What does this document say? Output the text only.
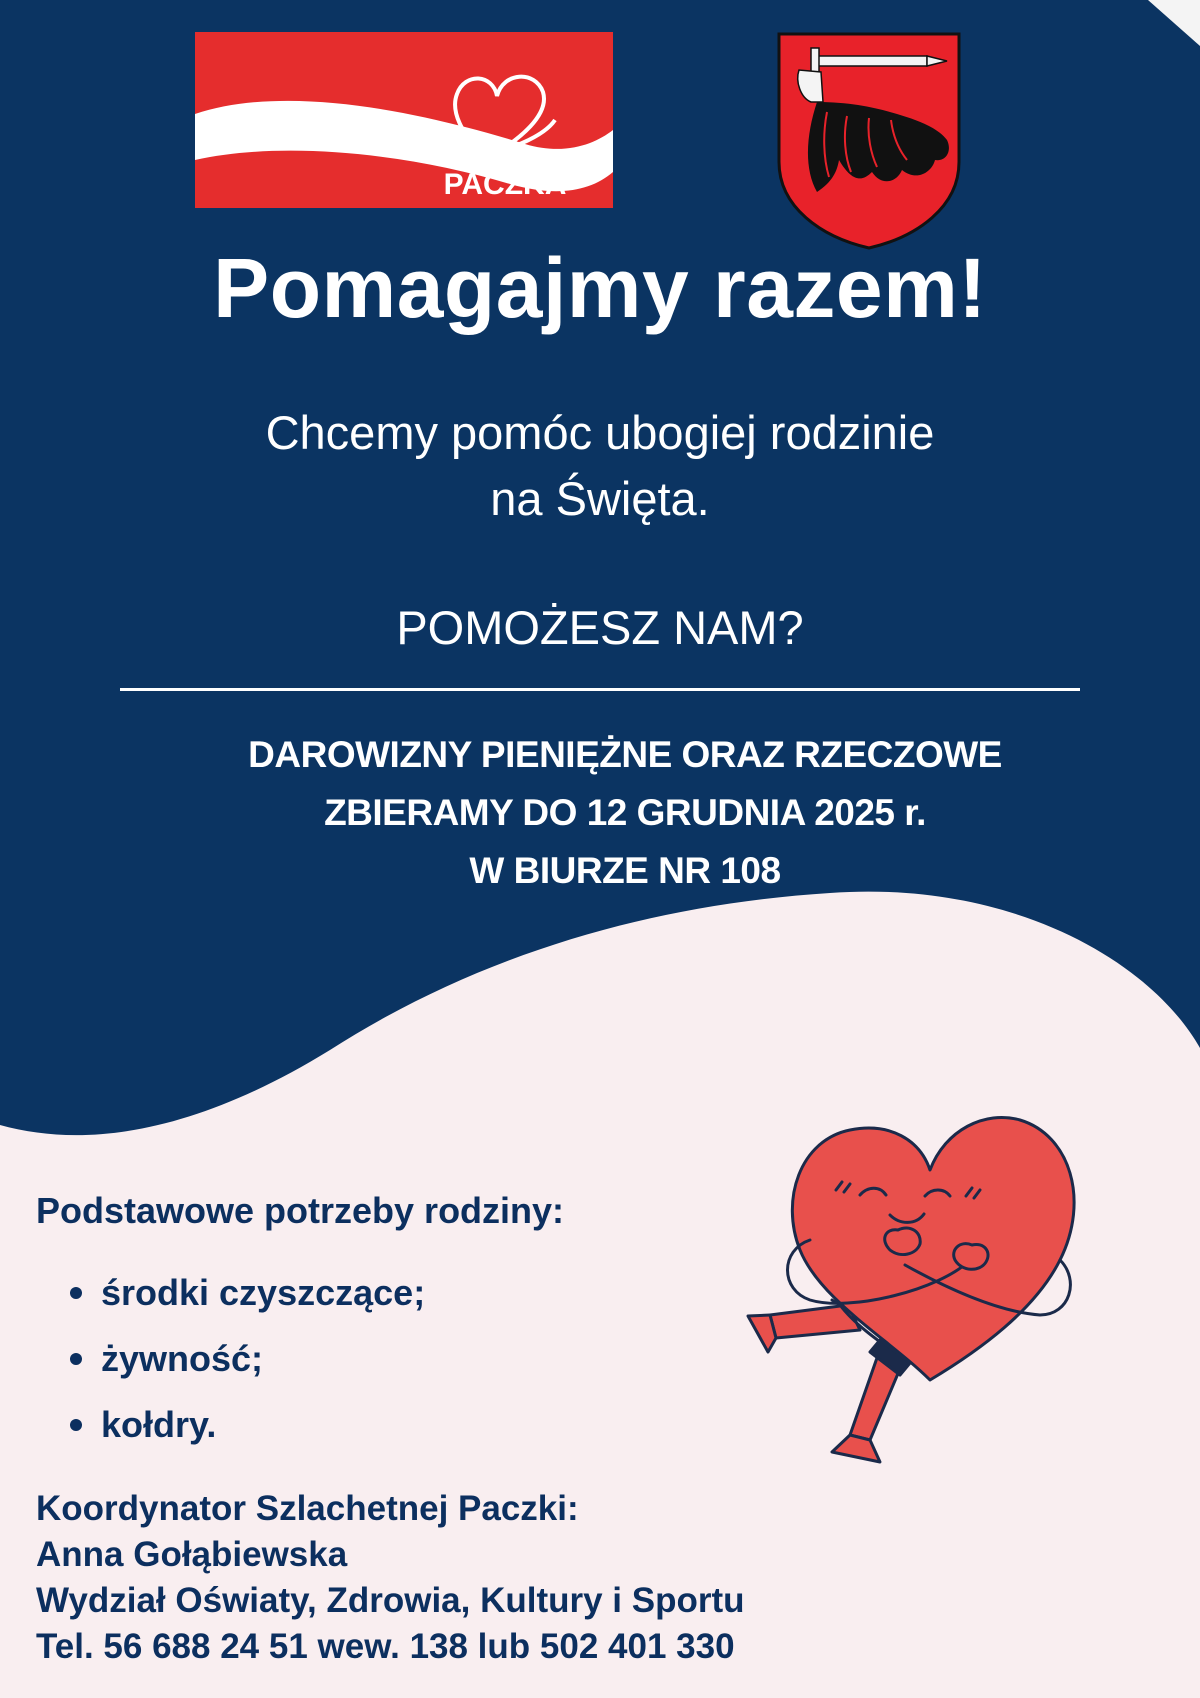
szlachetna
PACZKA
Pomagajmy razem!
Chcemy pomóc ubogiej rodzinie
na Święta.
POMOŻESZ NAM?
DAROWIZNY PIENIĘŻNE ORAZ RZECZOWE
ZBIERAMY DO 12 GRUDNIA 2025 r.
W BIURZE NR 108
Podstawowe potrzeby rodziny:
środki czyszczące;
żywność;
kołdry.
Koordynator Szlachetnej Paczki:
Anna Gołąbiewska
Wydział Oświaty, Zdrowia, Kultury i Sportu
Tel. 56 688 24 51 wew. 138 lub 502 401 330
